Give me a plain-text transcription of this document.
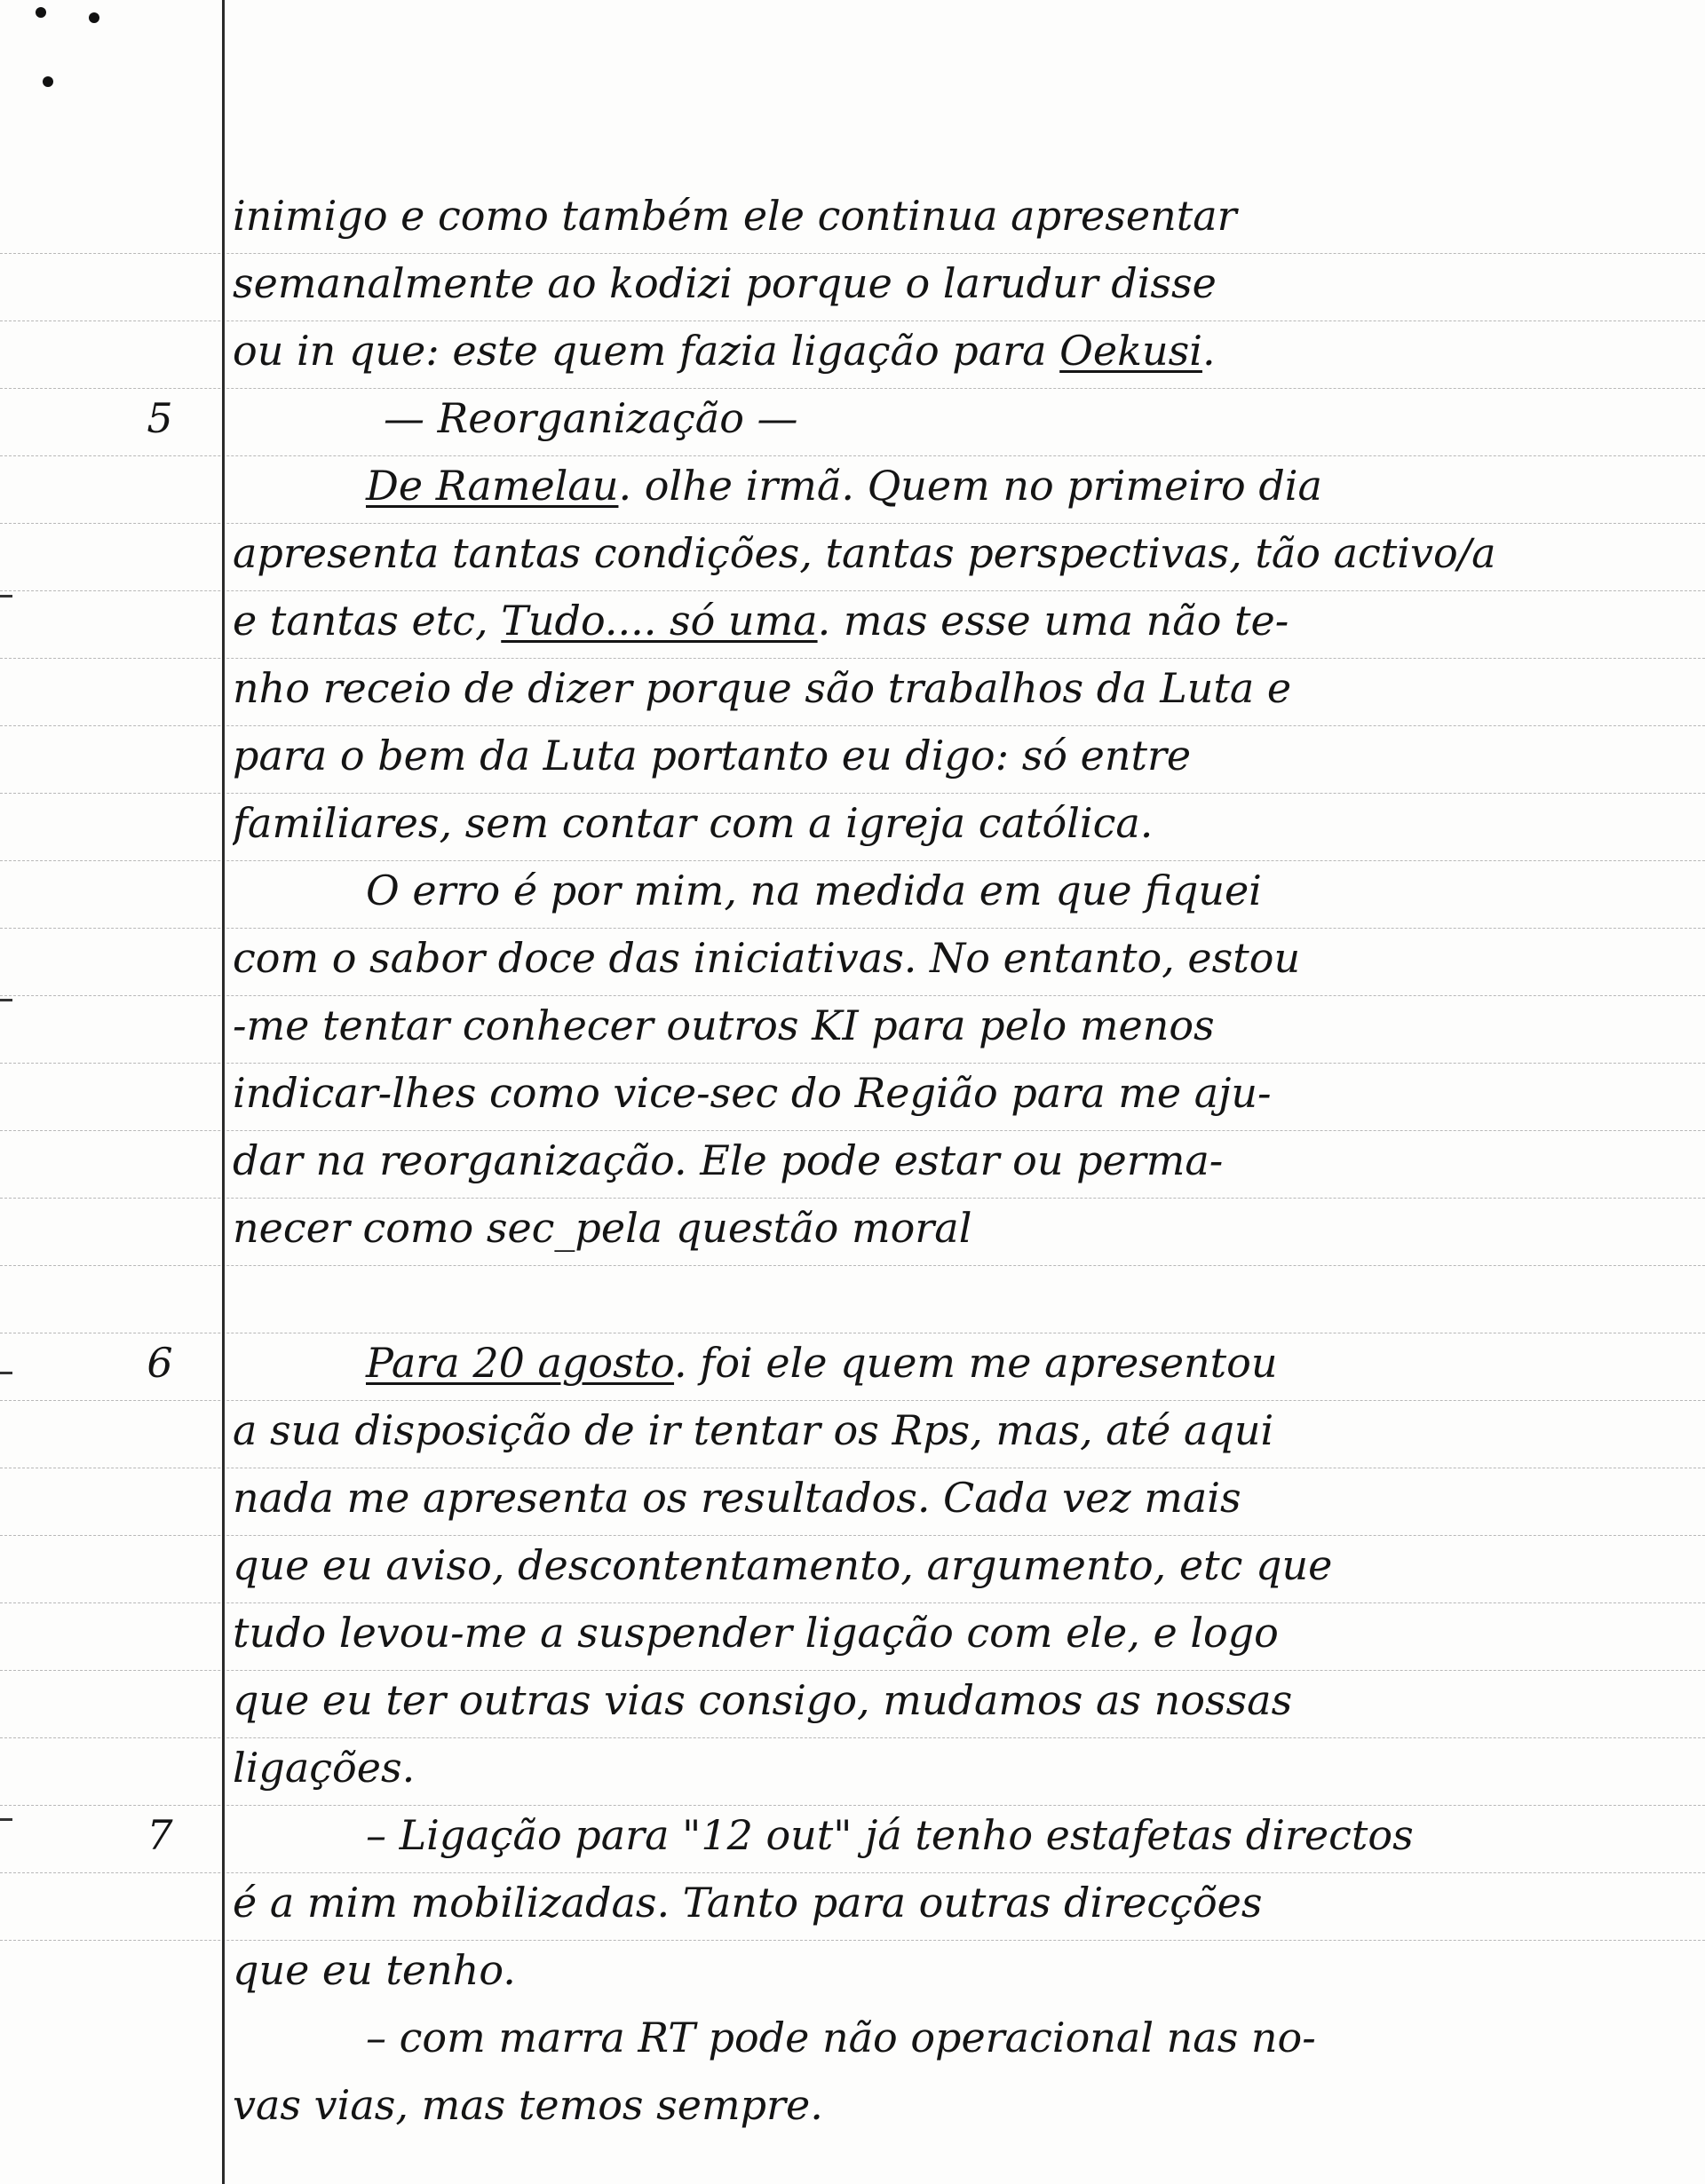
5
6
7
inimigo e como também ele continua apresentar
semanalmente ao kodizi porque o larudur disse
ou in que: este quem fazia ligação para Oekusi.
— Reorganização —
De Ramelau. olhe irmã. Quem no primeiro dia
apresenta tantas condições, tantas perspectivas, tão activo/a
e tantas etc, Tudo.... só uma. mas esse uma não te-
nho receio de dizer porque são trabalhos da Luta e
para o bem da Luta portanto eu digo: só entre
familiares, sem contar com a igreja católica.
O erro é por mim, na medida em que fiquei
com o sabor doce das iniciativas. No entanto, estou
-me tentar conhecer outros KI para pelo menos
indicar-lhes como vice-sec do Região para me aju-
dar na reorganização. Ele pode estar ou perma-
necer como sec_pela questão moral
Para 20 agosto. foi ele quem me apresentou
a sua disposição de ir tentar os Rps, mas, até aqui
nada me apresenta os resultados. Cada vez mais
que eu aviso, descontentamento, argumento, etc que
tudo levou-me a suspender ligação com ele, e logo
que eu ter outras vias consigo, mudamos as nossas
ligações.
– Ligação para "12 out" já tenho estafetas directos
é a mim mobilizadas. Tanto para outras direcções
que eu tenho.
– com marra RT pode não operacional nas no-
vas vias, mas temos sempre.
